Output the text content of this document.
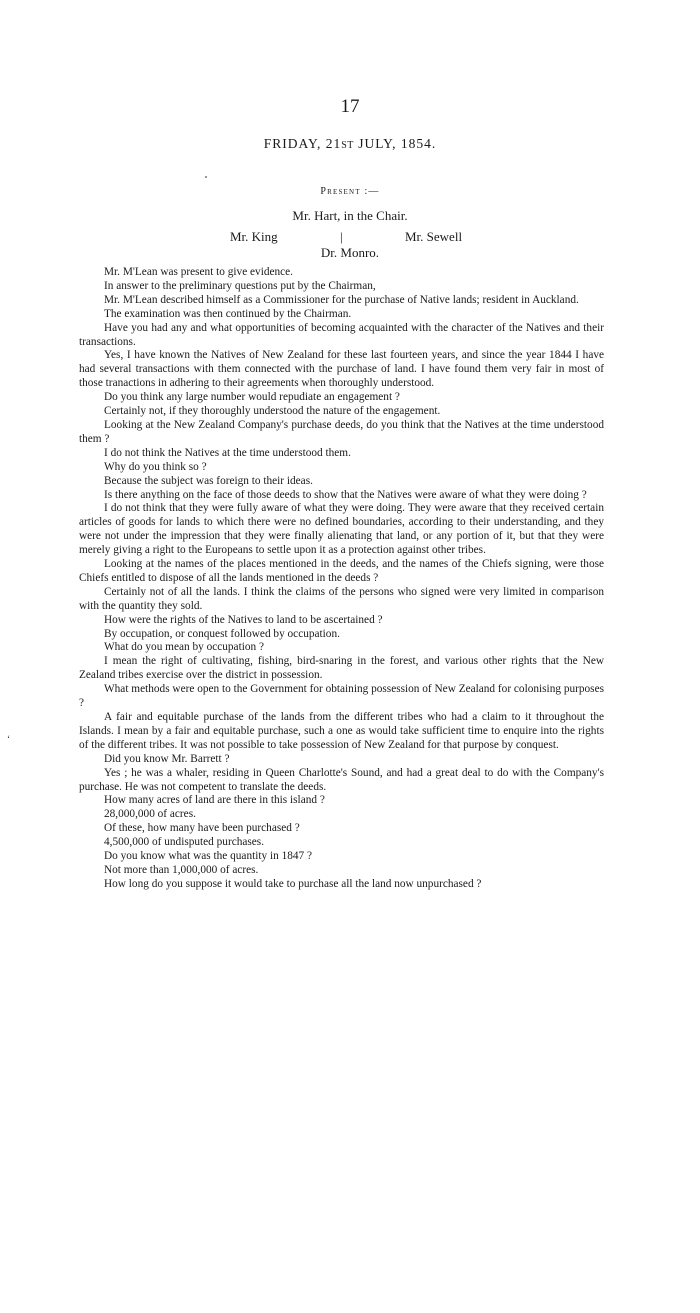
17
FRIDAY, 21ST JULY, 1854.
Present :—
Mr. Hart, in the Chair.
Mr. King	|	Mr. Sewell
Dr. Monro.

Mr. M'Lean was present to give evidence.

In answer to the preliminary questions put by the Chairman,

Mr. M'Lean described himself as a Commissioner for the purchase of Native lands; resident in Auckland.

The examination was then continued by the Chairman.

Have you had any and what opportunities of becoming acquainted with the character of the Natives and their transactions.

Yes, I have known the Natives of New Zealand for these last fourteen years, and since the year 1844 I have had several transactions with them connected with the purchase of land. I have found them very fair in most of those tranactions in adhering to their agreements when thoroughly understood.

Do you think any large number would repudiate an engagement ?

Certainly not, if they thoroughly understood the nature of the engagement.

Looking at the New Zealand Company's purchase deeds, do you think that the Natives at the time understood them ?

I do not think the Natives at the time understood them.

Why do you think so ?

Because the subject was foreign to their ideas.

Is there anything on the face of those deeds to show that the Natives were aware of what they were doing ?

I do not think that they were fully aware of what they were doing. They were aware that they received certain articles of goods for lands to which there were no defined boundaries, according to their understanding, and they were not under the impression that they were finally alienating that land, or any portion of it, but that they were merely giving a right to the Europeans to settle upon it as a protection against other tribes.

Looking at the names of the places mentioned in the deeds, and the names of the Chiefs signing, were those Chiefs entitled to dispose of all the lands mentioned in the deeds ?

Certainly not of all the lands. I think the claims of the persons who signed were very limited in comparison with the quantity they sold.

How were the rights of the Natives to land to be ascertained ?

By occupation, or conquest followed by occupation.

What do you mean by occupation ?

I mean the right of cultivating, fishing, bird-snaring in the forest, and various other rights that the New Zealand tribes exercise over the district in possession.

What methods were open to the Government for obtaining possession of New Zealand for colonising purposes ?

A fair and equitable purchase of the lands from the different tribes who had a claim to it throughout the Islands. I mean by a fair and equitable purchase, such a one as would take sufficient time to enquire into the rights of the different tribes. It was not possible to take possession of New Zealand for that purpose by conquest.

Did you know Mr. Barrett ?

Yes ; he was a whaler, residing in Queen Charlotte's Sound, and had a great deal to do with the Company's purchase. He was not competent to translate the deeds.

How many acres of land are there in this island ?

28,000,000 of acres.

Of these, how many have been purchased ?

4,500,000 of undisputed purchases.

Do you know what was the quantity in 1847 ?

Not more than 1,000,000 of acres.

How long do you suppose it would take to purchase all the land now unpurchased ?

‘
